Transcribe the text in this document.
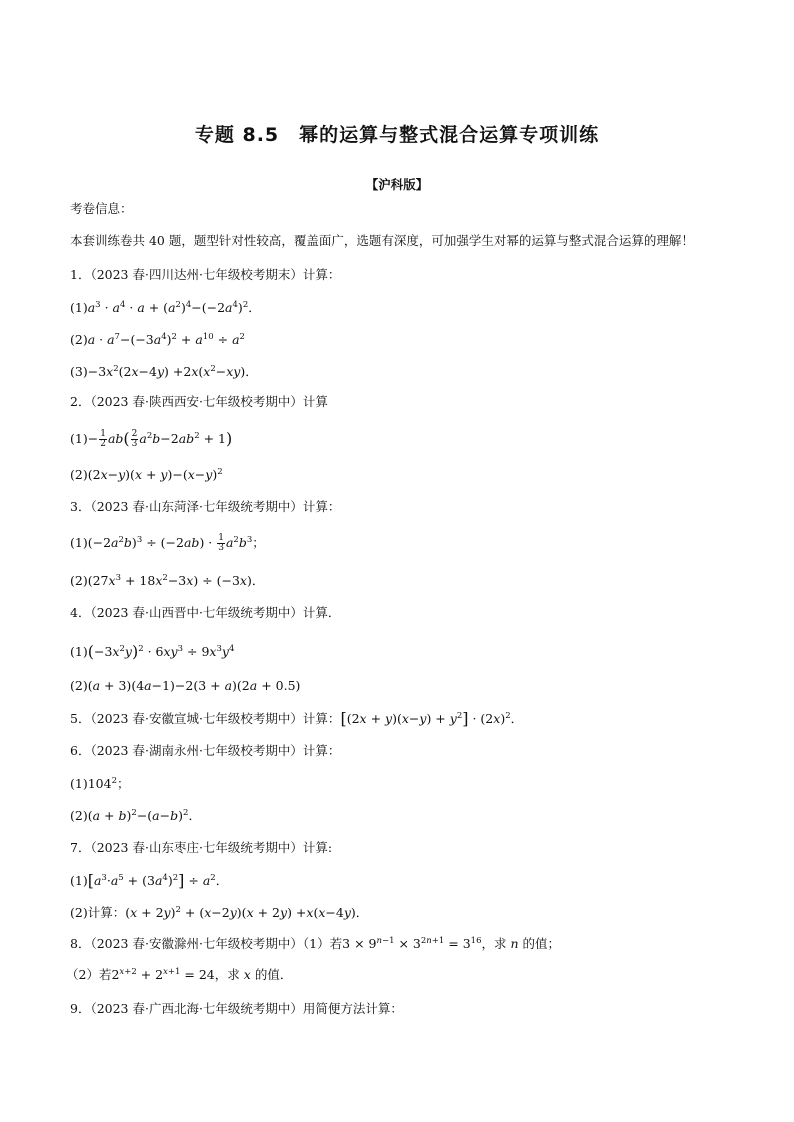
专题 8.5　幂的运算与整式混合运算专项训练
【沪科版】
考卷信息：
本套训练卷共 40 题，题型针对性较高，覆盖面广，选题有深度，可加强学生对幂的运算与整式混合运算的理解！
1．（2023 春·四川达州·七年级校考期末）计算：
$(1)a^3 \cdot a^4 \cdot a + (a^2)^4-(-2a^4)^2$．
$(2)a \cdot a^7-(-3a^4)^2 + a^{10} \div a^2$
$(3)-3x^2(2x-4y) +2x(x^2-xy)$．
2．（2023 春·陕西西安·七年级校考期中）计算
$(1)- \frac{1}{2} ab( \frac{2}{3} a^2b-2ab^2 + 1)$
$(2)(2x-y)(x + y)-(x-y)^2$
3．（2023 春·山东菏泽·七年级统考期中）计算：
$(1)(-2a^2b)^3 \div (-2ab) \cdot \frac{1}{3} a^2b^3$；
$(2)(27x^3 + 18x^2-3x) \div (-3x)$．
4．（2023 春·山西晋中·七年级统考期中）计算．
$(1)(-3x^2y)^2 \cdot 6xy^3 \div 9x^3y^4$
(2)(a + 3)(4a−1)−2(3 + a)(2a + 0.5)
5．（2023 春·安徽宣城·七年级校考期中）计算：$[(2x + y)(x-y) + y^2] \cdot (2x)^2$．
6．（2023 春·湖南永州·七年级校考期中）计算：
$(1)104^2$；
$(2)(a + b)^2-(a-b)^2$．
7．（2023 春·山东枣庄·七年级统考期中）计算:
$(1)[a^3\cdot a^5 + (3a^4)^2] \div a^2$．
(2)计算：$(x + 2y)^2 + (x-2y)(x + 2y) +x(x-4y)$．
8．（2023 春·安徽滁州·七年级校考期中）（1）若$3 \times 9^{n-1} \times 3^{2n+1} = 3^{16}$，求 n 的值；
（2）若$2^{x+2} + 2^{x+1} = 24$，求 x 的值．
9．（2023 春·广西北海·七年级统考期中）用简便方法计算：
